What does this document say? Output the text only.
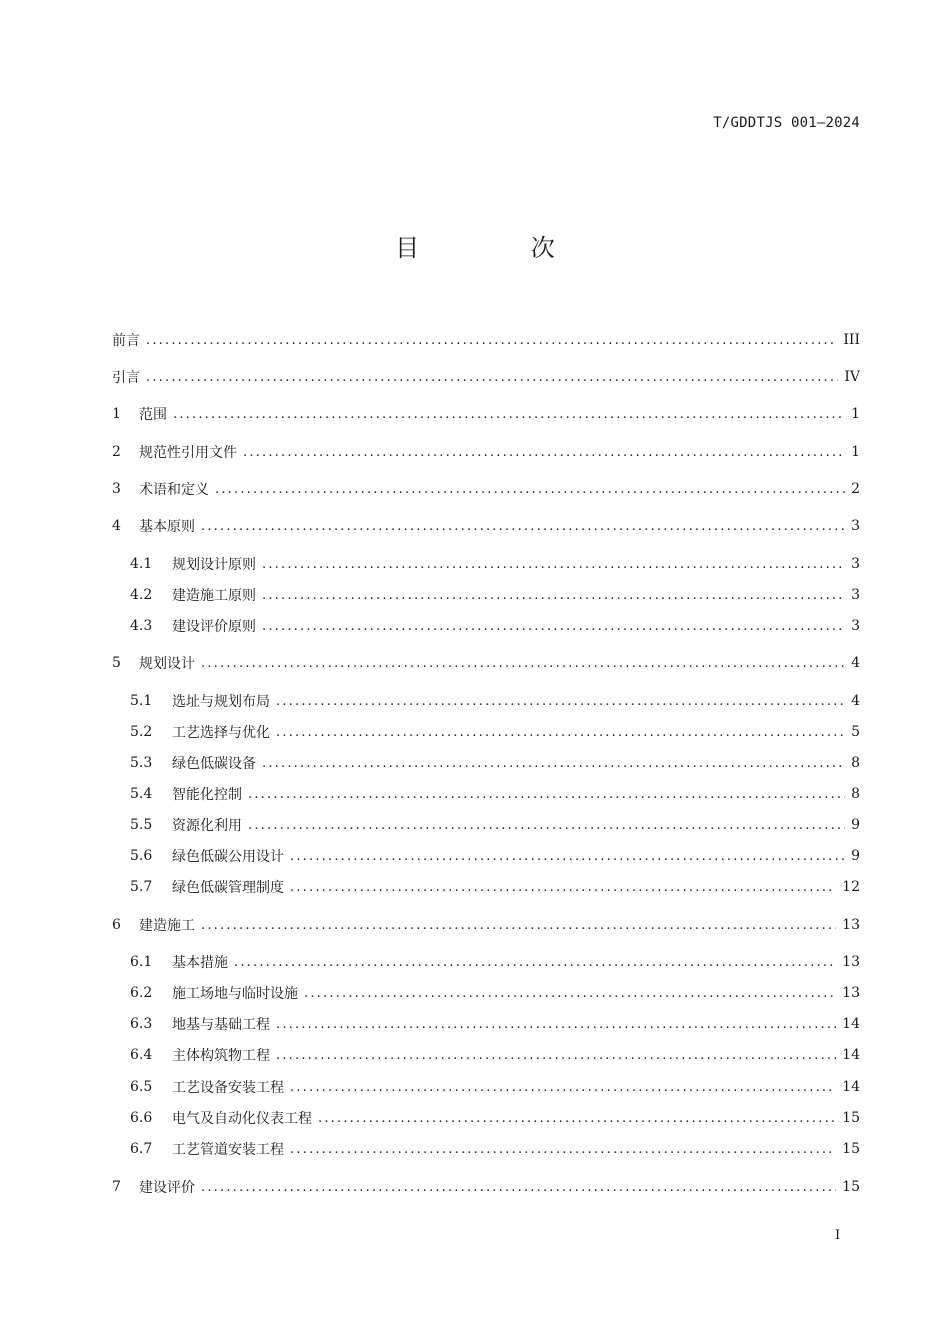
T/GDDTJS 001—2024
目 次
前言 .....	III
引言 .....	IV
1	范围 .....	1
2	规范性引用文件 .....	1
3	术语和定义 .....	2
4	基本原则 .....	3
4.1	规划设计原则 .....	3
4.2	建造施工原则 .....	3
4.3	建设评价原则 .....	3
5	规划设计 .....	4
5.1	选址与规划布局 .....	4
5.2	工艺选择与优化 .....	5
5.3	绿色低碳设备 .....	8
5.4	智能化控制 .....	8
5.5	资源化利用 .....	9
5.6	绿色低碳公用设计 .....	9
5.7	绿色低碳管理制度 .....	12
6	建造施工 .....	13
6.1	基本措施 .....	13
6.2	施工场地与临时设施 .....	13
6.3	地基与基础工程 .....	14
6.4	主体构筑物工程 .....	14
6.5	工艺设备安装工程 .....	14
6.6	电气及自动化仪表工程 .....	15
6.7	工艺管道安装工程 .....	15
7	建设评价 .....	15
I
